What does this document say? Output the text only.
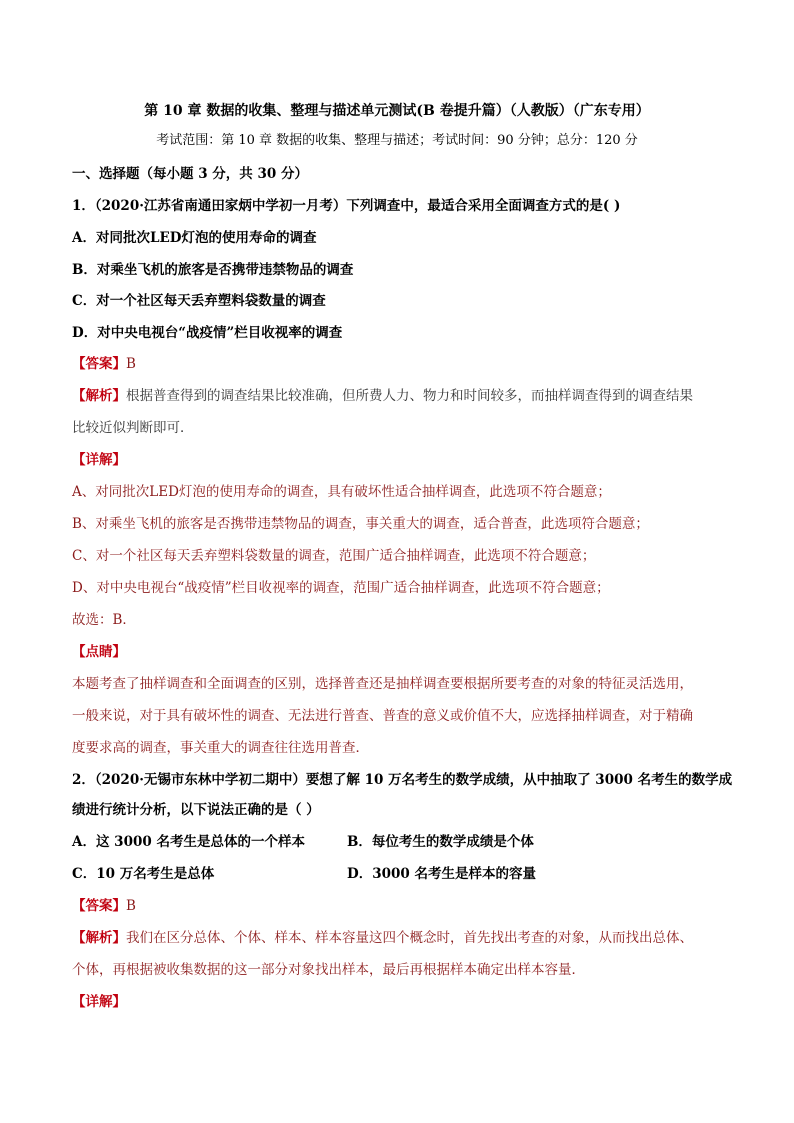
第 10 章 数据的收集、整理与描述单元测试(B 卷提升篇）（人教版）（广东专用）
考试范围：第 10 章 数据的收集、整理与描述；考试时间：90 分钟；总分：120 分
一、选择题（每小题 3 分，共 30 分）
1．（2020·江苏省南通田家炳中学初一月考）下列调查中，最适合采用全面调查方式的是( )
A．对同批次LED灯泡的使用寿命的调查
B．对乘坐飞机的旅客是否携带违禁物品的调查
C．对一个社区每天丢弃塑料袋数量的调查
D．对中央电视台“战疫情”栏目收视率的调查
【答案】B
【解析】根据普查得到的调查结果比较准确，但所费人力、物力和时间较多，而抽样调查得到的调查结果
比较近似判断即可．
【详解】
A、对同批次LED灯泡的使用寿命的调查，具有破坏性适合抽样调查，此选项不符合题意；
B、对乘坐飞机的旅客是否携带违禁物品的调查，事关重大的调查，适合普查，此选项符合题意；
C、对一个社区每天丢弃塑料袋数量的调查，范围广适合抽样调查，此选项不符合题意；
D、对中央电视台“战疫情”栏目收视率的调查，范围广适合抽样调查，此选项不符合题意；
故选：B．
【点睛】
本题考查了抽样调查和全面调查的区别，选择普查还是抽样调查要根据所要考查的对象的特征灵活选用，
一般来说，对于具有破坏性的调查、无法进行普查、普查的意义或价值不大，应选择抽样调查，对于精确
度要求高的调查，事关重大的调查往往选用普查．
2．（2020·无锡市东林中学初二期中）要想了解 10 万名考生的数学成绩，从中抽取了 3000 名考生的数学成
绩进行统计分析，以下说法正确的是（ ）
A．这 3000 名考生是总体的一个样本	B．每位考生的数学成绩是个体
C．10 万名考生是总体	D．3000 名考生是样本的容量
【答案】B
【解析】我们在区分总体、个体、样本、样本容量这四个概念时，首先找出考查的对象，从而找出总体、
个体，再根据被收集数据的这一部分对象找出样本，最后再根据样本确定出样本容量．
【详解】
